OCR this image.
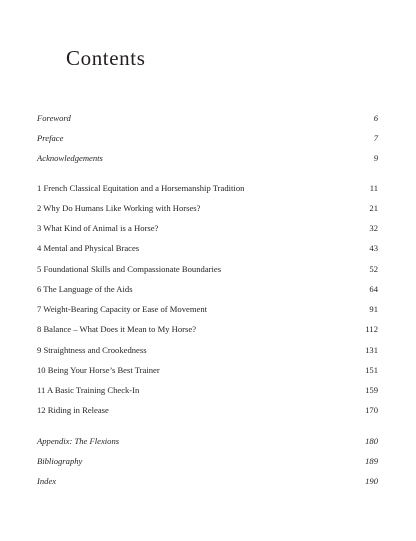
Contents
Foreword	6
Preface	7
Acknowledgements	9
1 French Classical Equitation and a Horsemanship Tradition	11
2 Why Do Humans Like Working with Horses?	21
3 What Kind of Animal is a Horse?	32
4 Mental and Physical Braces	43
5 Foundational Skills and Compassionate Boundaries	52
6 The Language of the Aids	64
7 Weight-Bearing Capacity or Ease of Movement	91
8 Balance – What Does it Mean to My Horse?	112
9 Straightness and Crookedness	131
10 Being Your Horse’s Best Trainer	151
11 A Basic Training Check-In	159
12 Riding in Release	170
Appendix: The Flexions	180
Bibliography	189
Index	190
